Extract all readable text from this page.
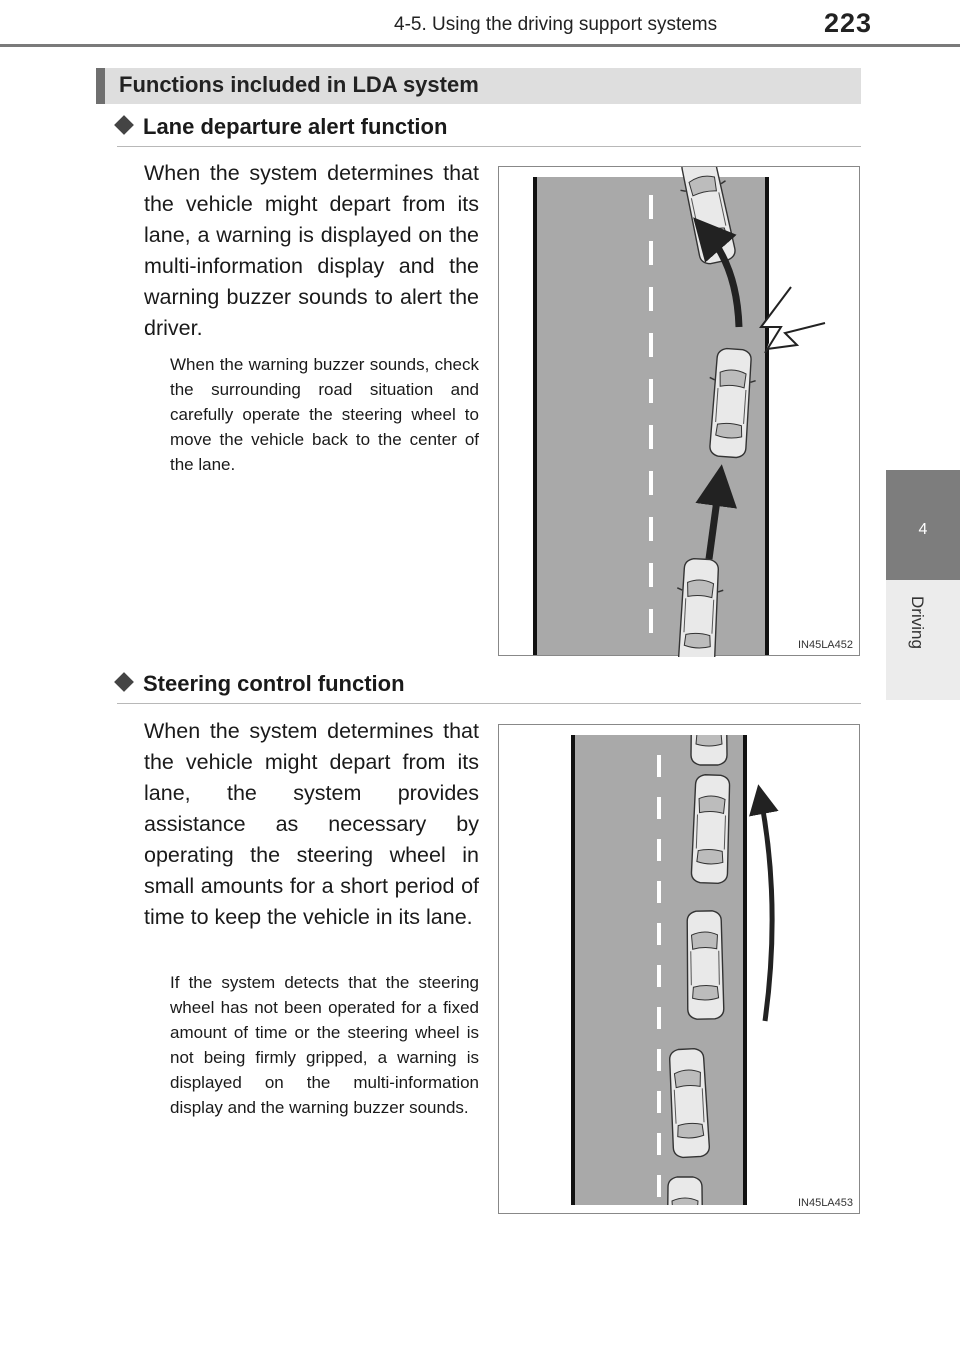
4-5. Using the driving support systems	223
4
Driving
Functions included in LDA system
Lane departure alert function
When the system determines that the vehicle might depart from its lane, a warning is displayed on the multi-information display and the warning buzzer sounds to alert the driver.
When the warning buzzer sounds, check the surrounding road situation and carefully operate the steering wheel to move the vehicle back to the center of the lane.
IN45LA452
Steering control function
When the system determines that the vehicle might depart from its lane, the system provides assistance as necessary by operating the steering wheel in small amounts for a short period of time to keep the vehicle in its lane.
If the system detects that the steering wheel has not been operated for a fixed amount of time or the steering wheel is not being firmly gripped, a warning is displayed on the multi-information display and the warning buzzer sounds.
IN45LA453
